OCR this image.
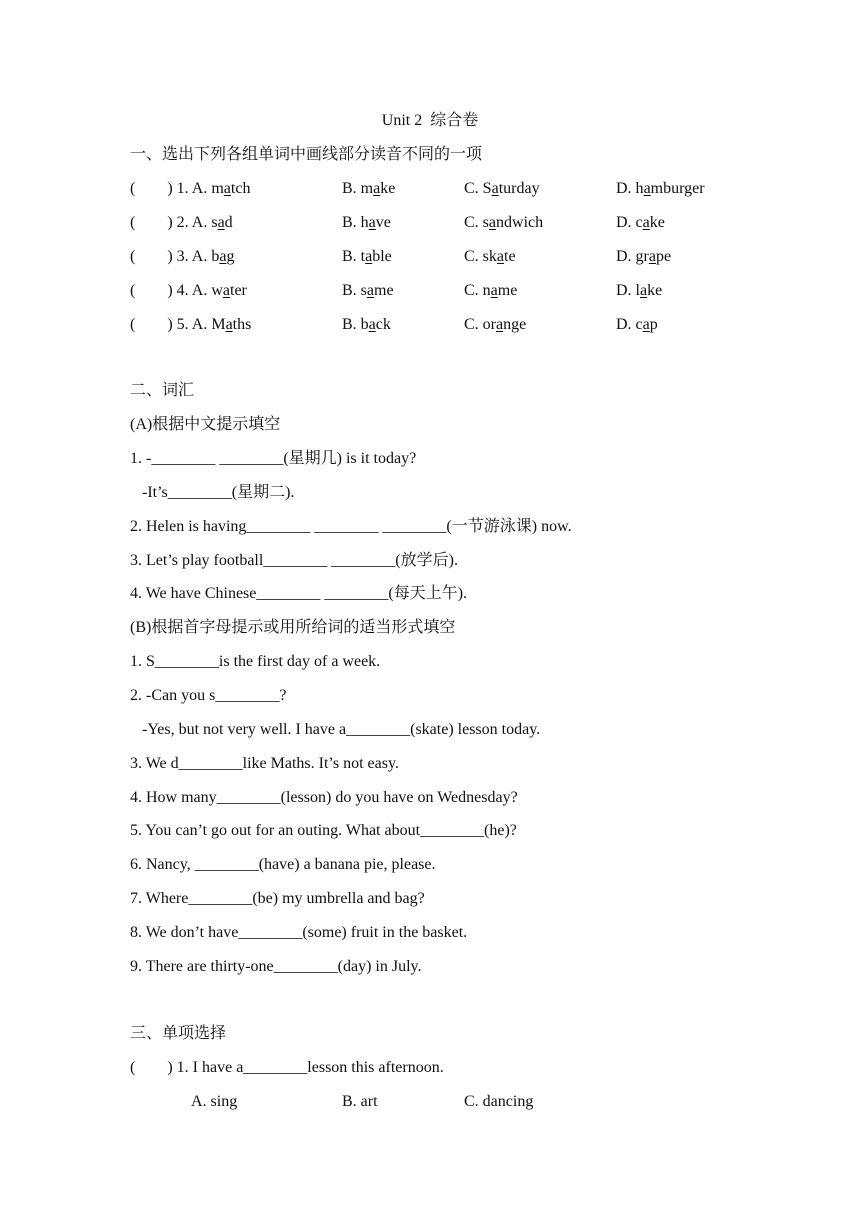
Unit 2  综合卷
一、选出下列各组单词中画线部分读音不同的一项
(        ) 1. A. match	B. make	C. Saturday	D. hamburger
(        ) 2. A. sad	B. have	C. sandwich	D. cake
(        ) 3. A. bag	B. table	C. skate	D. grape
(        ) 4. A. water	B. same	C. name	D. lake
(        ) 5. A. Maths	B. back	C. orange	D. cap
二、词汇
(A)根据中文提示填空
1. -________ ________(星期几) is it today?
-It’s________(星期二).
2. Helen is having________ ________ ________(一节游泳课) now.
3. Let’s play football________ ________(放学后).
4. We have Chinese________ ________(每天上午).
(B)根据首字母提示或用所给词的适当形式填空
1. S________is the first day of a week.
2. -Can you s________?
-Yes, but not very well. I have a________(skate) lesson today.
3. We d________like Maths. It’s not easy.
4. How many________(lesson) do you have on Wednesday?
5. You can’t go out for an outing. What about________(he)?
6. Nancy, ________(have) a banana pie, please.
7. Where________(be) my umbrella and bag?
8. We don’t have________(some) fruit in the basket.
9. There are thirty-one________(day) in July.
三、单项选择
(        ) 1. I have a________lesson this afternoon.
A. sing	B. art	C. dancing
